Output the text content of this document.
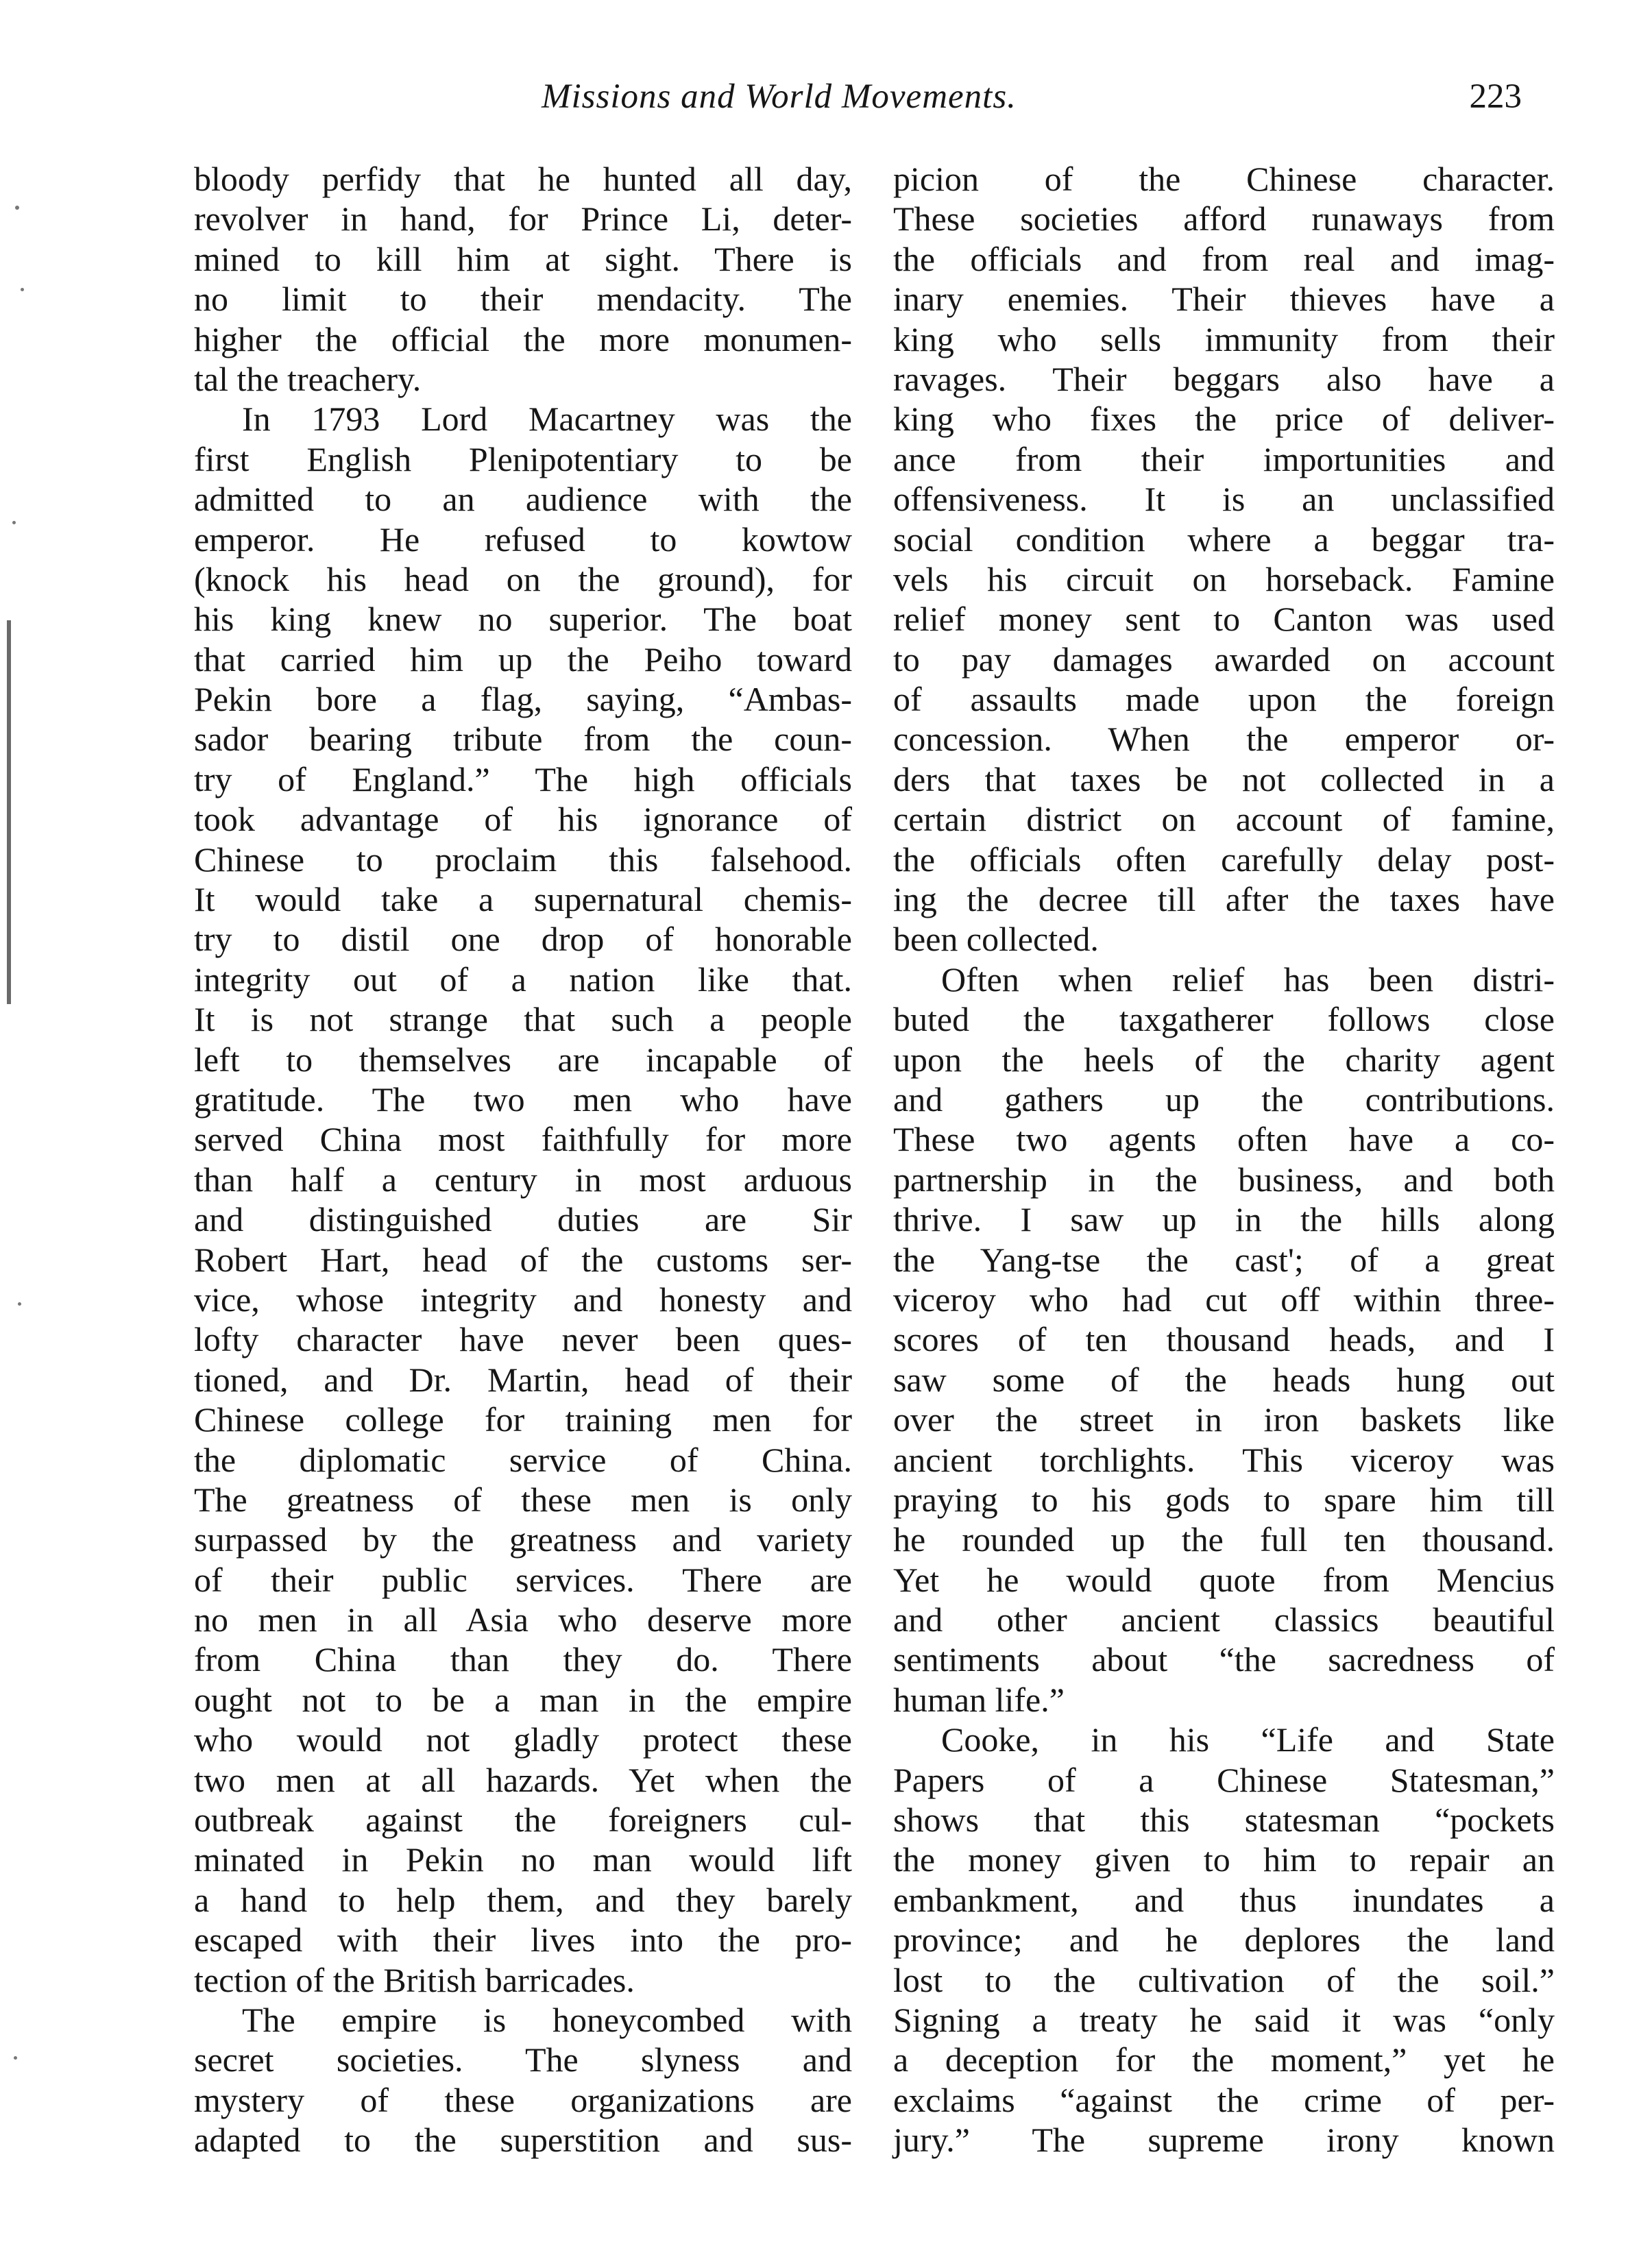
Missions and World Movements.	223
bloody perfidy that he hunted all day,
revolver in hand, for Prince Li, deter-
mined to kill him at sight. There is
no limit to their mendacity. The
higher the official the more monumen-
tal the treachery.
In 1793 Lord Macartney was the
first English Plenipotentiary to be
admitted to an audience with the
emperor. He refused to kowtow
(knock his head on the ground), for
his king knew no superior. The boat
that carried him up the Peiho toward
Pekin bore a flag, saying, “Ambas-
sador bearing tribute from the coun-
try of England.” The high officials
took advantage of his ignorance of
Chinese to proclaim this falsehood.
It would take a supernatural chemis-
try to distil one drop of honorable
integrity out of a nation like that.
It is not strange that such a people
left to themselves are incapable of
gratitude. The two men who have
served China most faithfully for more
than half a century in most arduous
and distinguished duties are Sir
Robert Hart, head of the customs ser-
vice, whose integrity and honesty and
lofty character have never been ques-
tioned, and Dr. Martin, head of their
Chinese college for training men for
the diplomatic service of China.
The greatness of these men is only
surpassed by the greatness and variety
of their public services. There are
no men in all Asia who deserve more
from China than they do. There
ought not to be a man in the empire
who would not gladly protect these
two men at all hazards. Yet when the
outbreak against the foreigners cul-
minated in Pekin no man would lift
a hand to help them, and they barely
escaped with their lives into the pro-
tection of the British barricades.
The empire is honeycombed with
secret societies. The slyness and
mystery of these organizations are
adapted to the superstition and sus-
picion of the Chinese character.
These societies afford runaways from
the officials and from real and imag-
inary enemies. Their thieves have a
king who sells immunity from their
ravages. Their beggars also have a
king who fixes the price of deliver-
ance from their importunities and
offensiveness. It is an unclassified
social condition where a beggar tra-
vels his circuit on horseback. Famine
relief money sent to Canton was used
to pay damages awarded on account
of assaults made upon the foreign
concession. When the emperor or-
ders that taxes be not collected in a
certain district on account of famine,
the officials often carefully delay post-
ing the decree till after the taxes have
been collected.
Often when relief has been distri-
buted the taxgatherer follows close
upon the heels of the charity agent
and gathers up the contributions.
These two agents often have a co-
partnership in the business, and both
thrive. I saw up in the hills along
the Yang-tse the cast'; of a great
viceroy who had cut off within three-
scores of ten thousand heads, and I
saw some of the heads hung out
over the street in iron baskets like
ancient torchlights. This viceroy was
praying to his gods to spare him till
he rounded up the full ten thousand.
Yet he would quote from Mencius
and other ancient classics beautiful
sentiments about “the sacredness of
human life.”
Cooke, in his “Life and State
Papers of a Chinese Statesman,”
shows that this statesman “pockets
the money given to him to repair an
embankment, and thus inundates a
province; and he deplores the land
lost to the cultivation of the soil.”
Signing a treaty he said it was “only
a deception for the moment,” yet he
exclaims “against the crime of per-
jury.” The supreme irony known
